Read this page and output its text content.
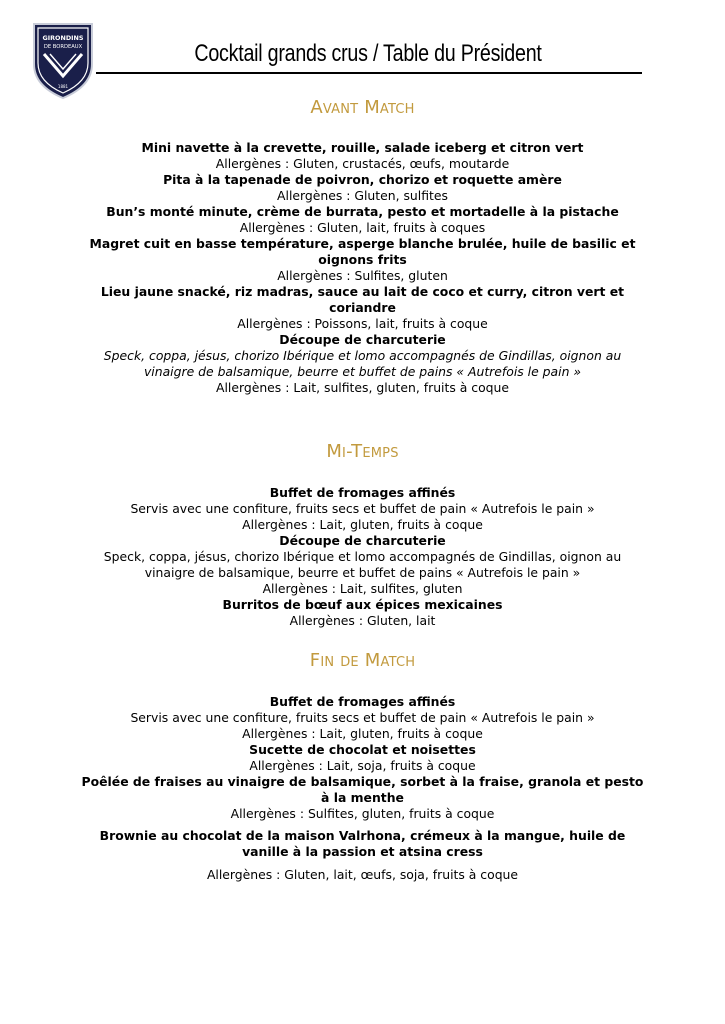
GIRONDINS
DE BORDEAUX
1881
Cocktail grands crus / Table du Président
Avant Match
Mini navette à la crevette, rouille, salade iceberg et citron vert
Allergènes : Gluten, crustacés, œufs, moutarde
Pita à la tapenade de poivron, chorizo et roquette amère
Allergènes : Gluten, sulfites
Bun’s monté minute, crème de burrata, pesto et mortadelle à la pistache
Allergènes : Gluten, lait, fruits à coques
Magret cuit en basse température, asperge blanche brulée, huile de basilic et oignons frits
Allergènes : Sulfites, gluten
Lieu jaune snacké, riz madras, sauce au lait de coco et curry, citron vert et coriandre
Allergènes : Poissons, lait, fruits à coque
Découpe de charcuterie
Speck, coppa, jésus, chorizo Ibérique et lomo accompagnés de Gindillas, oignon au vinaigre de balsamique, beurre et buffet de pains « Autrefois le pain »
Allergènes : Lait, sulfites, gluten, fruits à coque
Mi-Temps
Buffet de fromages affinés
Servis avec une confiture, fruits secs et buffet de pain « Autrefois le pain »
Allergènes : Lait, gluten, fruits à coque
Découpe de charcuterie
Speck, coppa, jésus, chorizo Ibérique et lomo accompagnés de Gindillas, oignon au vinaigre de balsamique, beurre et buffet de pains « Autrefois le pain »
Allergènes : Lait, sulfites, gluten
Burritos de bœuf aux épices mexicaines
Allergènes : Gluten, lait
Fin de Match
Buffet de fromages affinés
Servis avec une confiture, fruits secs et buffet de pain « Autrefois le pain »
Allergènes : Lait, gluten, fruits à coque
Sucette de chocolat et noisettes
Allergènes : Lait, soja, fruits à coque
Poêlée de fraises au vinaigre de balsamique, sorbet à la fraise, granola et pesto à la menthe
Allergènes : Sulfites, gluten, fruits à coque
Brownie au chocolat de la maison Valrhona, crémeux à la mangue, huile de vanille à la passion et atsina cress
Allergènes : Gluten, lait, œufs, soja, fruits à coque
